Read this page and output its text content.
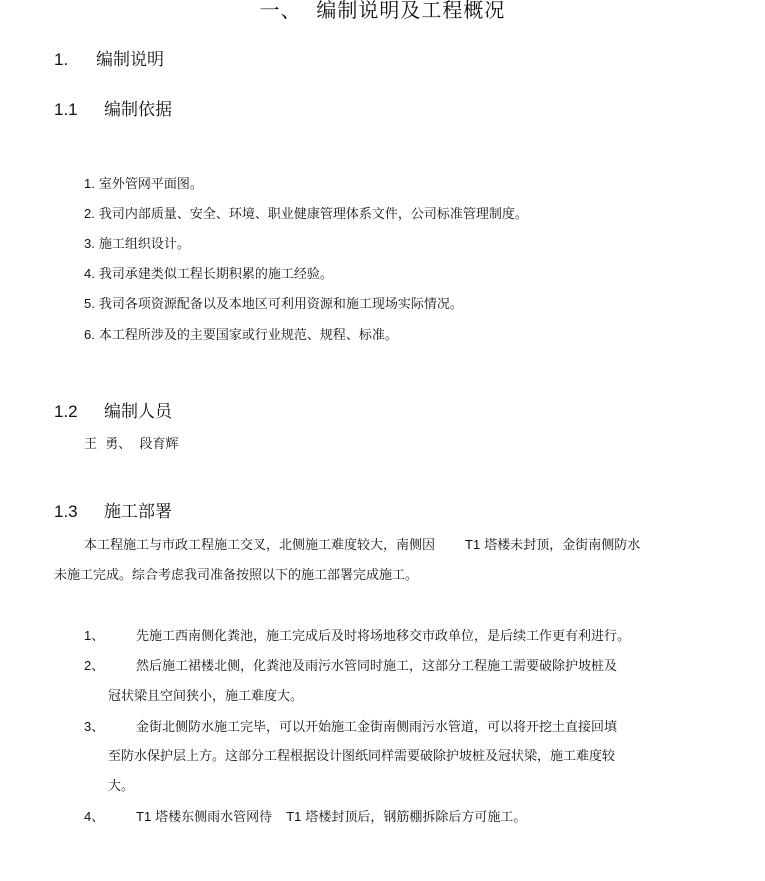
一、  编制说明及工程概况
1. 编制说明
1.1 编制依据
1. 室外管网平面图。
2. 我司内部质量、安全、环境、职业健康管理体系文件，公司标准管理制度。
3. 施工组织设计。
4. 我司承建类似工程长期积累的施工经验。
5. 我司各项资源配备以及本地区可利用资源和施工现场实际情况。
6. 本工程所涉及的主要国家或行业规范、规程、标准。
1.2 编制人员
王  勇、  段育辉
1.3 施工部署
本工程施工与市政工程施工交叉，北侧施工难度较大，南侧因 T1 塔楼未封顶，金街南侧防水
未施工完成。综合考虑我司准备按照以下的施工部署完成施工。
1、 先施工西南侧化粪池，施工完成后及时将场地移交市政单位，是后续工作更有利进行。
2、 然后施工裙楼北侧，化粪池及雨污水管同时施工，这部分工程施工需要破除护坡桩及
冠状梁且空间狭小，施工难度大。
3、 金街北侧防水施工完毕，可以开始施工金街南侧雨污水管道，可以将开挖土直接回填
至防水保护层上方。这部分工程根据设计图纸同样需要破除护坡桩及冠状梁，施工难度较
大。
4、 T1 塔楼东侧雨水管网待 T1 塔楼封顶后，钢筋棚拆除后方可施工。
